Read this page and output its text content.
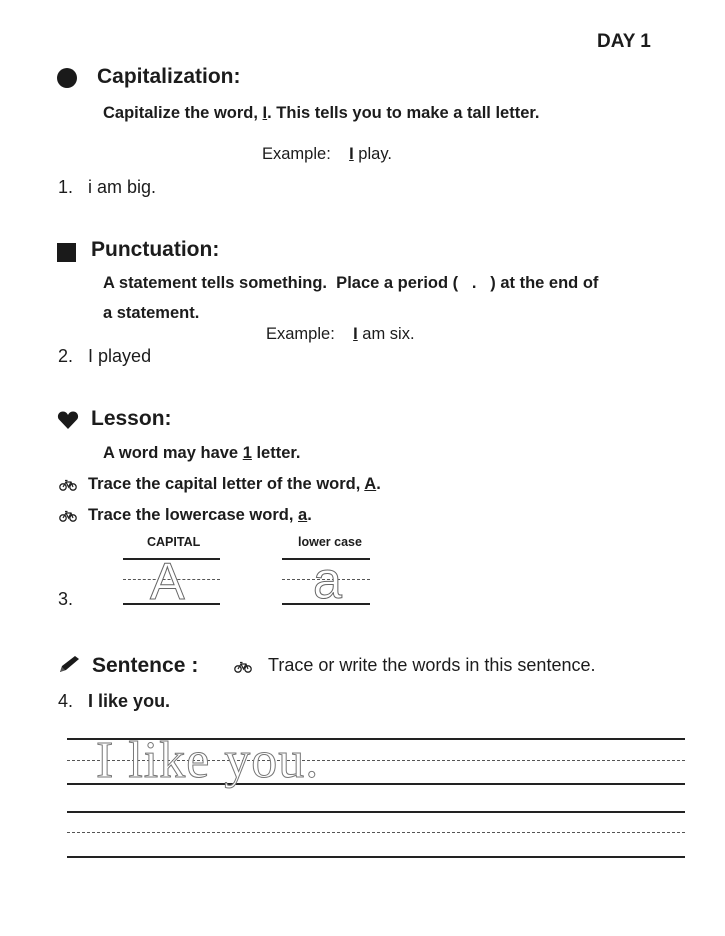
DAY 1
Capitalization:
Capitalize the word, I. This tells you to make a tall letter.
Example: I play.
1. i am big.
Punctuation:
A statement tells something.  Place a period (   .   ) at the end of
a statement.
Example: I am six.
2. I played
Lesson:
A word may have 1 letter.
Trace the capital letter of the word, A.
Trace the lowercase word, a.
CAPITAL	lower case
A a
3.
Sentence :	Trace or write the words in this sentence.
4. I like you.
I like you.
